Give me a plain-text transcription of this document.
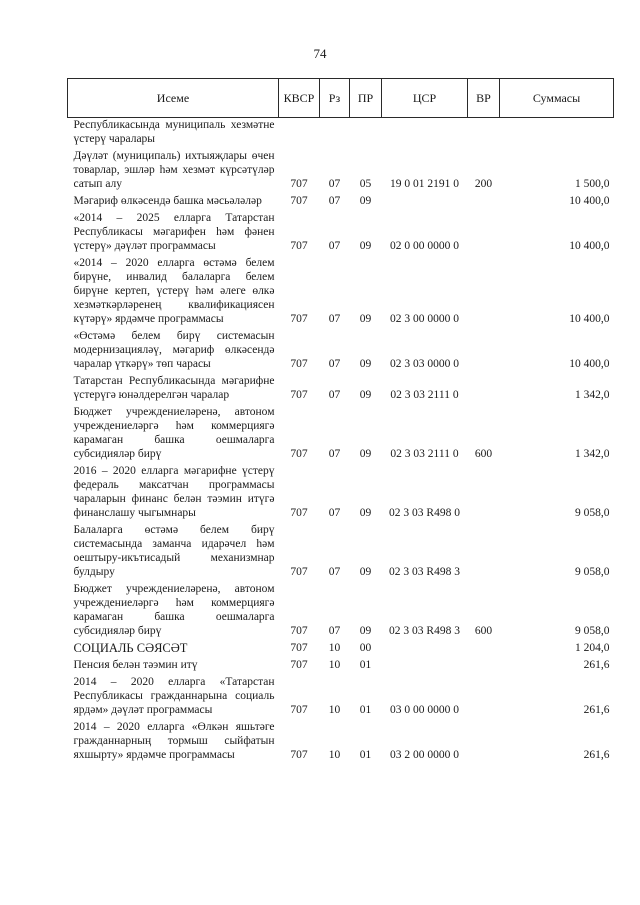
74
Исеме	КВСР	Рз	ПР	ЦСР	ВР	Суммасы
Республикасында муниципаль хезмәтне үстерү чаралары						
Дәүләт (муниципаль) ихтыяҗлары өчен товарлар, эшләр һәм хезмәт күрсәтүләр сатып алу	707	07	05	19 0 01 2191 0	200	1 500,0
Мәгариф өлкәсендә башка мәсьәләләр	707	07	09			10 400,0
«2014 – 2025 елларга Татарстан Республикасы мәгарифен һәм фәнен үстерү» дәүләт программасы	707	07	09	02 0 00 0000 0		10 400,0
«2014 – 2020 елларга өстәмә белем бирүне, инвалид балаларга белем бирүне кертеп, үстерү һәм әлеге өлкә хезмәткәрләренең квалификациясен күтәрү» ярдәмче программасы	707	07	09	02 3 00 0000 0		10 400,0
«Өстәмә белем бирү системасын модернизацияләү, мәгариф өлкәсендә чаралар үткәрү» төп чарасы	707	07	09	02 3 03 0000 0		10 400,0
Татарстан Республикасында мәгарифне үстерүгә юнәлдерелгән чаралар	707	07	09	02 3 03 2111 0		1 342,0
Бюджет учреждениеләренә, автоном учреждениеләргә һәм коммерциягә карамаган башка оешмаларга субсидияләр бирү	707	07	09	02 3 03 2111 0	600	1 342,0
2016 – 2020 елларга мәгарифне үстерү федераль максатчан программасы чараларын финанс белән тәэмин итүгә финанслашу чыгымнары	707	07	09	02 3 03 R498 0		9 058,0
Балаларга өстәмә белем бирү системасында заманча идарәчел һәм оештыру-икътисадый механизмнар булдыру	707	07	09	02 3 03 R498 3		9 058,0
Бюджет учреждениеләренә, автоном учреждениеләргә һәм коммерциягә карамаган башка оешмаларга субсидияләр бирү	707	07	09	02 3 03 R498 3	600	9 058,0
СОЦИАЛЬ СӘЯСӘТ	707	10	00			1 204,0
Пенсия белән тәэмин итү	707	10	01			261,6
2014 – 2020 елларга «Татарстан Республикасы гражданнарына социаль ярдәм» дәүләт программасы	707	10	01	03 0 00 0000 0		261,6
2014 – 2020 елларга «Өлкән яшьтәге гражданнарның тормыш сыйфатын яхшырту» ярдәмче программасы	707	10	01	03 2 00 0000 0		261,6
